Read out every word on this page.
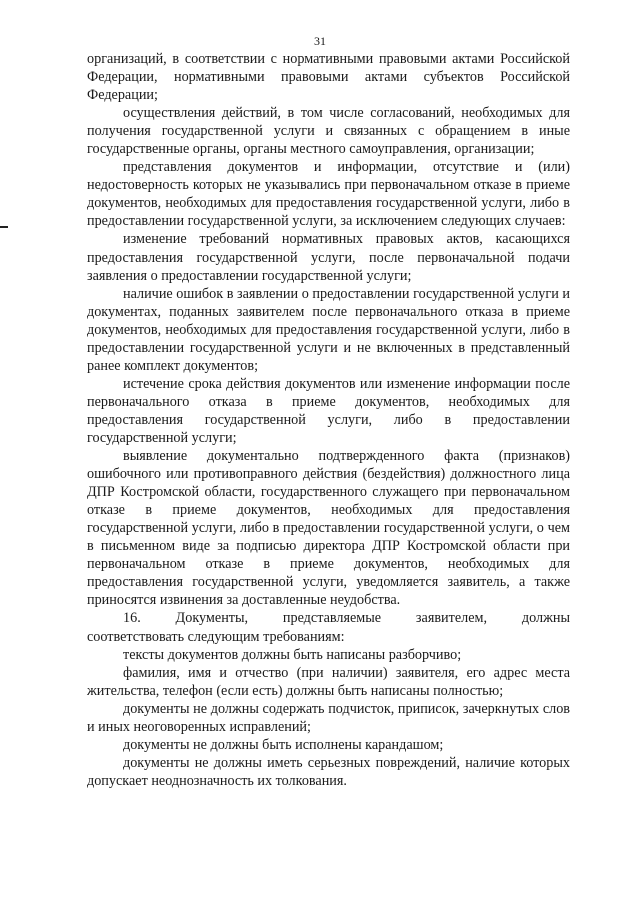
31

организаций, в соответствии с нормативными правовыми актами Российской Федерации, нормативными правовыми актами субъектов Российской Федерации;

осуществления действий, в том числе согласований, необходимых для получения государственной услуги и связанных с обращением в иные государственные органы, органы местного самоуправления, организации;

представления документов и информации, отсутствие и (или) недостоверность которых не указывались при первоначальном отказе в приеме документов, необходимых для предоставления государственной услуги, либо в предоставлении государственной услуги, за исключением следующих случаев:

изменение требований нормативных правовых актов, касающихся предоставления государственной услуги, после первоначальной подачи заявления о предоставлении государственной услуги;

наличие ошибок в заявлении о предоставлении государственной услуги и документах, поданных заявителем после первоначального отказа в приеме документов, необходимых для предоставления государственной услуги, либо в предоставлении государственной услуги и не включенных в представленный ранее комплект документов;

истечение срока действия документов или изменение информации после первоначального отказа в приеме документов, необходимых для предоставления государственной услуги, либо в предоставлении государственной услуги;

выявление документально подтвержденного факта (признаков) ошибочного или противоправного действия (бездействия) должностного лица ДПР Костромской области, государственного служащего при первоначальном отказе в приеме документов, необходимых для предоставления государственной услуги, либо в предоставлении государственной услуги, о чем в письменном виде за подписью директора ДПР Костромской области при первоначальном отказе в приеме документов, необходимых для предоставления государственной услуги, уведомляется заявитель, а также приносятся извинения за доставленные неудобства.

16. Документы, представляемые заявителем, должны

соответствовать следующим требованиям:

тексты документов должны быть написаны разборчиво;

фамилия, имя и отчество (при наличии) заявителя, его адрес места жительства, телефон (если есть) должны быть написаны полностью;

документы не должны содержать подчисток, приписок, зачеркнутых слов и иных неоговоренных исправлений;

документы не должны быть исполнены карандашом;

документы не должны иметь серьезных повреждений, наличие которых допускает неоднозначность их толкования.
